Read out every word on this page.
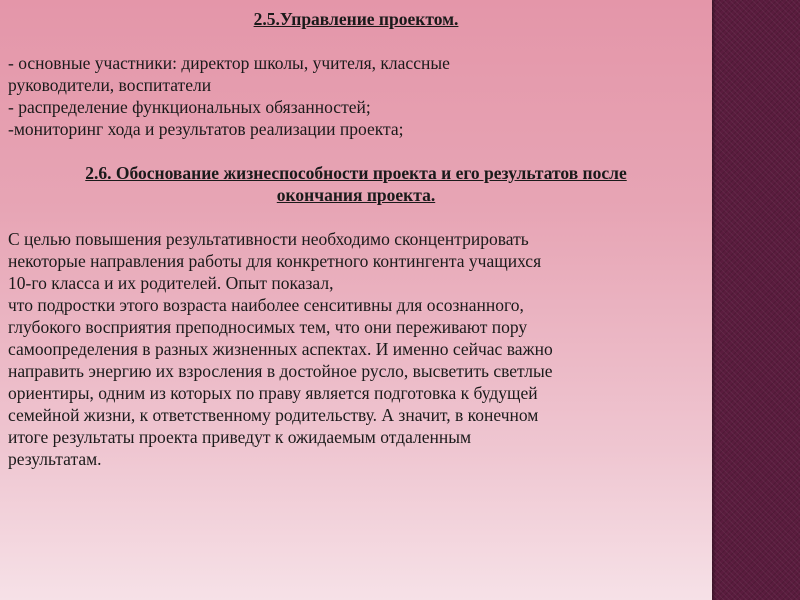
2.5.Управление проектом.
- основные участники: директор школы, учителя, классные
руководители, воспитатели
- распределение функциональных обязанностей;
-мониторинг хода и результатов реализации проекта;
2.6. Обоснование жизнеспособности проекта и его результатов после
окончания проекта.
С целью повышения результативности необходимо сконцентрировать
некоторые направления работы для конкретного контингента учащихся
10-го класса и их родителей. Опыт показал,
что подростки этого возраста наиболее сенситивны для осознанного,
глубокого восприятия преподносимых тем, что они переживают пору
самоопределения в разных жизненных аспектах. И именно сейчас важно
направить энергию их взросления в достойное русло, высветить светлые
ориентиры, одним из которых по праву является подготовка к будущей
семейной жизни, к ответственному родительству. А значит, в конечном
итоге результаты проекта приведут к ожидаемым отдаленным
результатам.
